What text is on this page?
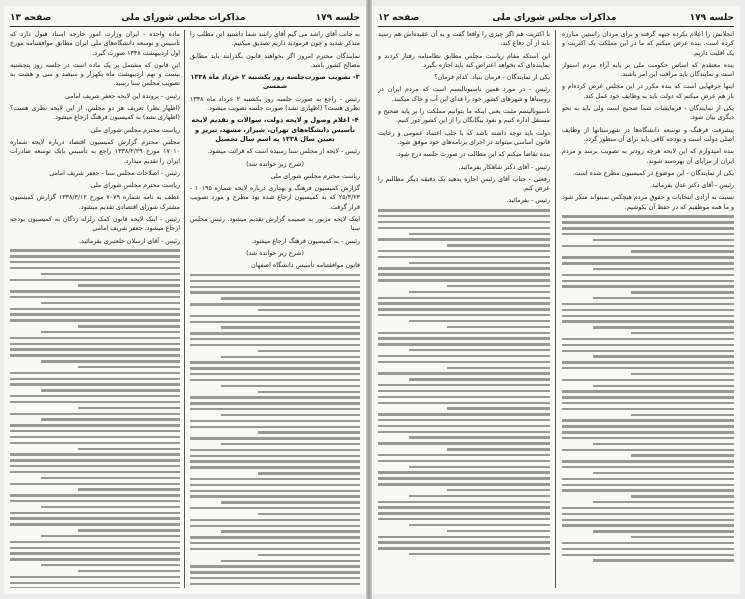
جلسه ۱۷۹
مذاکرات مجلس شورای ملی
صفحه ۱۳

به جانب آقای راشد می گیم آقای راشد شما داشتید این مطلب را متذکر شدید و چون فرمودید داریم تصدیق میکنیم.

نمایندگان محترم امروز اگر بخواهند قانون بگذرانند باید مطابق مصالح کشور باشد.

۳- تصویب صورت‌جلسه روز یکشنبه ۲ خرداد ماه ۱۳۳۸ شمسی

رئیس - راجع به صورت جلسه روز یکشنبه ۲ خرداد ماه ۱۳۳۸ نظری هست؟ (اظهاری نشد) صورت جلسه تصویب میشود.

۴- اعلام وصول و لایحه دولت، سوالات و تقدیم لایحه تأسیس دانشگاه‌های تهران، شیراز، مشهد، تبریز و تعیین سال ۱۳۳۸ به اسم سال تحصیل

رئیس - لایحه از مجلس سنا رسیده است که قرائت میشود.

(شرح زیر خوانده شد)

ریاست محترم مجلس شورای ملی

گزارش کمیسیون فرهنگ و بهداری درباره لایحه شماره ۱۰۱۹۵ - ۲۵/۳/۲۳ که به کمیسیون ارجاع شده بود مطرح و مورد تصویب قرار گرفت.

اینک لایحه مزبور به ضمیمه گزارش تقدیم میشود. رئیس مجلس سنا

رئیس - به کمیسیون فرهنگ ارجاع میشود.

(شرح زیر خوانده شد)

قانون موافقتنامه تأسیس دانشگاه اصفهان

ماده واحده - ایران وزارت امور خارجه اسناد قبول دارد که تأسیس و توسعه دانشگاه‌های ملی ایران مطابق موافقتنامه مورخ اول اردیبهشت ۱۳۳۸ صورت گیرد.

این قانون که مشتمل بر یک ماده است در جلسه روز پنجشنبه بیست و نهم اردیبهشت ماه یکهزار و سیصد و سی و هشت به تصویب مجلس سنا رسید.

رئیس - پرونده این لایحه جعفر شریف امامی

(اظهار نظر) تعریف هر دو مجلس، از این لایحه نظری هست؟ (اظهاری نشد) به کمیسیون فرهنگ ارجاع میشود.

ریاست محترم مجلس شورای ملی

مجلس محترم گزارش کمیسیون اقتصاد درباره لایحه شماره ۱۷۰۱۰ مورخ ۱۳۳۸/۲/۲۹ راجع به تأسیس بانک توسعه صادرات ایران را تقدیم میدارد.

رئیس - اصلاحات مجلس سنا - جعفر شریف امامی

ریاست محترم مجلس شورای ملی

عطف به نامه شماره ۷۰۷۹ مورخ ۱۳۳۸/۳/۱۲ گزارش کمیسیون مشترک شورای اقتصادی تقدیم میشود.

رئیس - اینک لایحه قانون کمک زلزله زدگان به کمیسیون بودجه ارجاع میشود. جعفر شریف امامی

رئیس - آقای ارسلان خلعتبری بفرمائید.

جلسه ۱۷۹
مذاکرات مجلس شورای ملی
صفحه ۱۲

انجلانش را اعلام نکرده جبهه گرفته و برای مردان راستین مبارزه کرده است. بنده عرض میکنم که ما در این مملکت یک اکثریت و یک اقلیت داریم.

بنده معتقدم که اساس حکومت ملی بر پایه آراء مردم استوار است و نمایندگان باید مراقب این امر باشند.

اینها حرفهایی است که بنده مکرر در این مجلس عرض کرده‌ام و باز هم عرض میکنم که دولت باید به وظایف خود عمل کند.

یکی از نمایندگان - فرمایشات شما صحیح است ولی باید به نحو دیگری بیان شود.

پیشرفت فرهنگ و توسعه دانشگاه‌ها در شهرستانها از وظایف اصلی دولت است و بودجه کافی باید برای آن منظور گردد.

بنده امیدوارم که این لایحه هرچه زودتر به تصویب برسد و مردم ایران از مزایای آن بهره‌مند شوند.

یکی از نمایندگان - این موضوع در کمیسیون مطرح شده است.

رئیس - آقای دکتر عدل بفرمائید.

نسبت به آزادی انتخابات و حقوق مردم هیچکس نمیتواند منکر شود و ما همه موظفیم که در حفظ آن بکوشیم.

با اکثریت هم اگر چیزی را واقعا گفت و به آن عقیده‌اش هم رسید باید از آن دفاع کند.

این استکه مقام ریاست مجلس مطابق نظامنامه رفتار کردند و نماینده‌ای که بخواهد اعتراض کند باید اجازه بگیرد.

یکی از نمایندگان - فرمان بنیاد. کدام فرمان؟

رئیس - در مورد همین ناسیونالیسم است که مردم ایران در روستاها و شهرهای کشور خود را فدای این آب و خاک میکنند.

ناسیونالیسم مثبت یعنی اینکه ما بتوانیم مملکت را بر پایه صحیح و مستقل اداره کنیم و نفوذ بیگانگان را از این کشور دور کنیم.

دولت باید توجه داشته باشد که با جلب اعتماد عمومی و رعایت قانون اساسی میتواند در اجرای برنامه‌های خود موفق شود.

بنده تقاضا میکنم که این مطالب در صورت جلسه درج شود.

رئیس - آقای دکتر شاهکار بفرمائید.

رفعتی - جناب آقای رئیس اجازه بدهید یک دقیقه دیگر مطالبم را عرض کنم.

رئیس - بفرمائید.
